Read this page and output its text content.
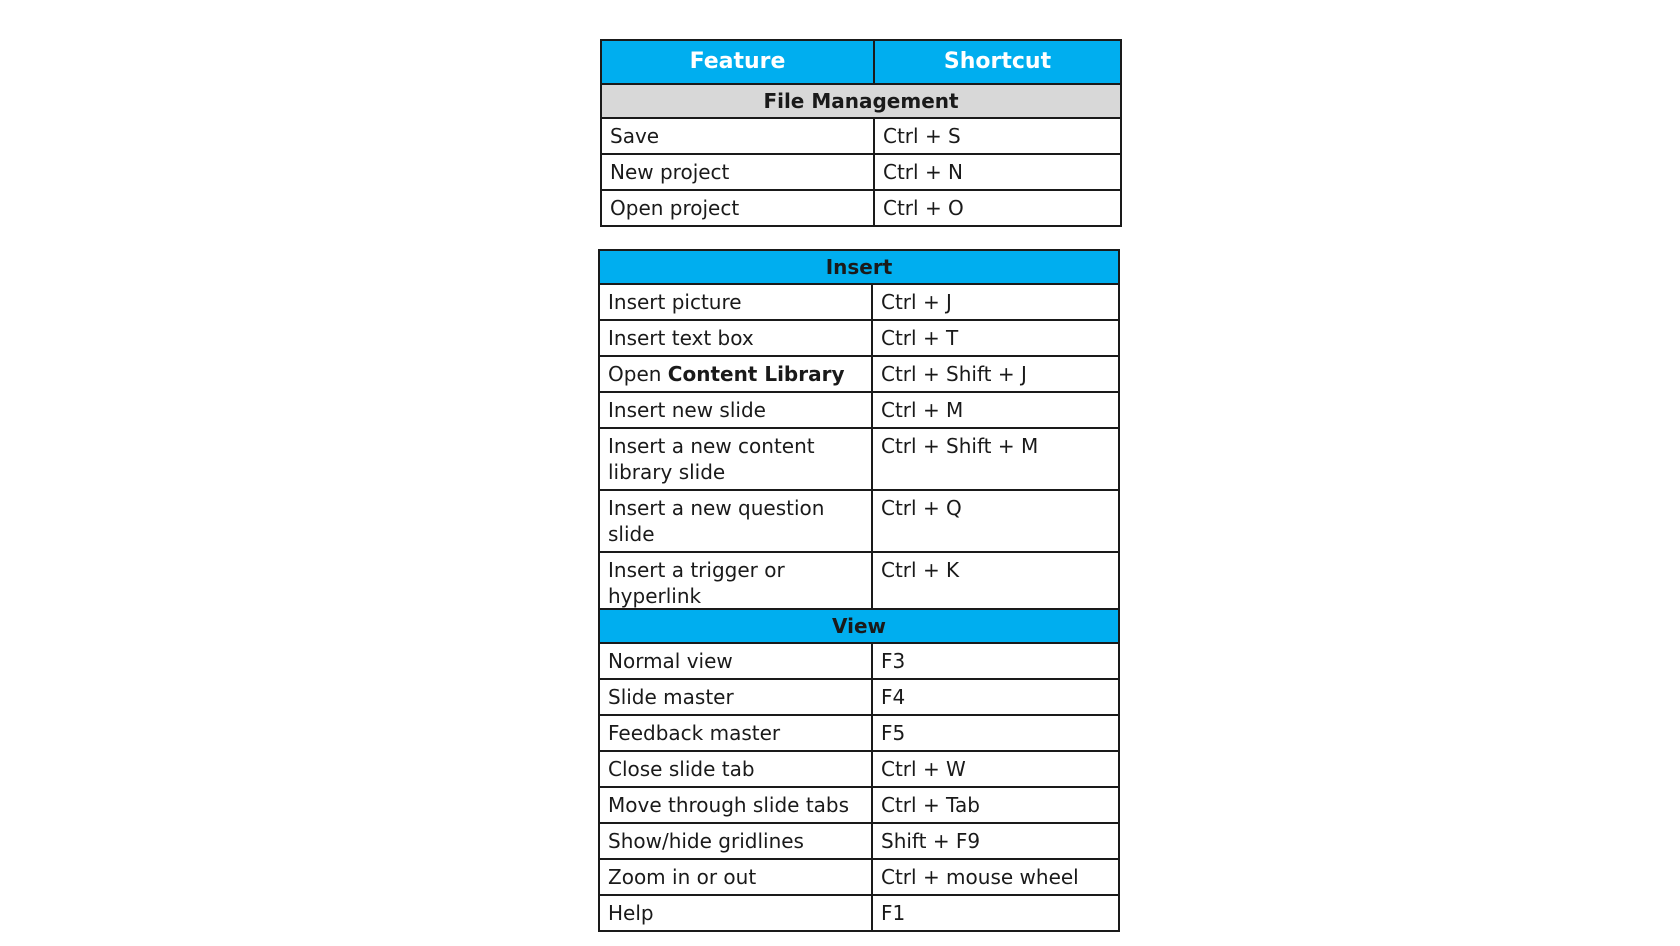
Feature	Shortcut
File Management	
Save	Ctrl + S
New project	Ctrl + N
Open project	Ctrl + O
Insert	
Insert picture	Ctrl + J
Insert text box	Ctrl + T
Open Content Library	Ctrl + Shift + J
Insert new slide	Ctrl + M
Insert a new content library slide	Ctrl + Shift + M
Insert a new question slide	Ctrl + Q
Insert a trigger or hyperlink	Ctrl + K
View	
Normal view	F3
Slide master	F4
Feedback master	F5
Close slide tab	Ctrl + W
Move through slide tabs	Ctrl + Tab
Show/hide gridlines	Shift + F9
Zoom in or out	Ctrl + mouse wheel
Help	F1
